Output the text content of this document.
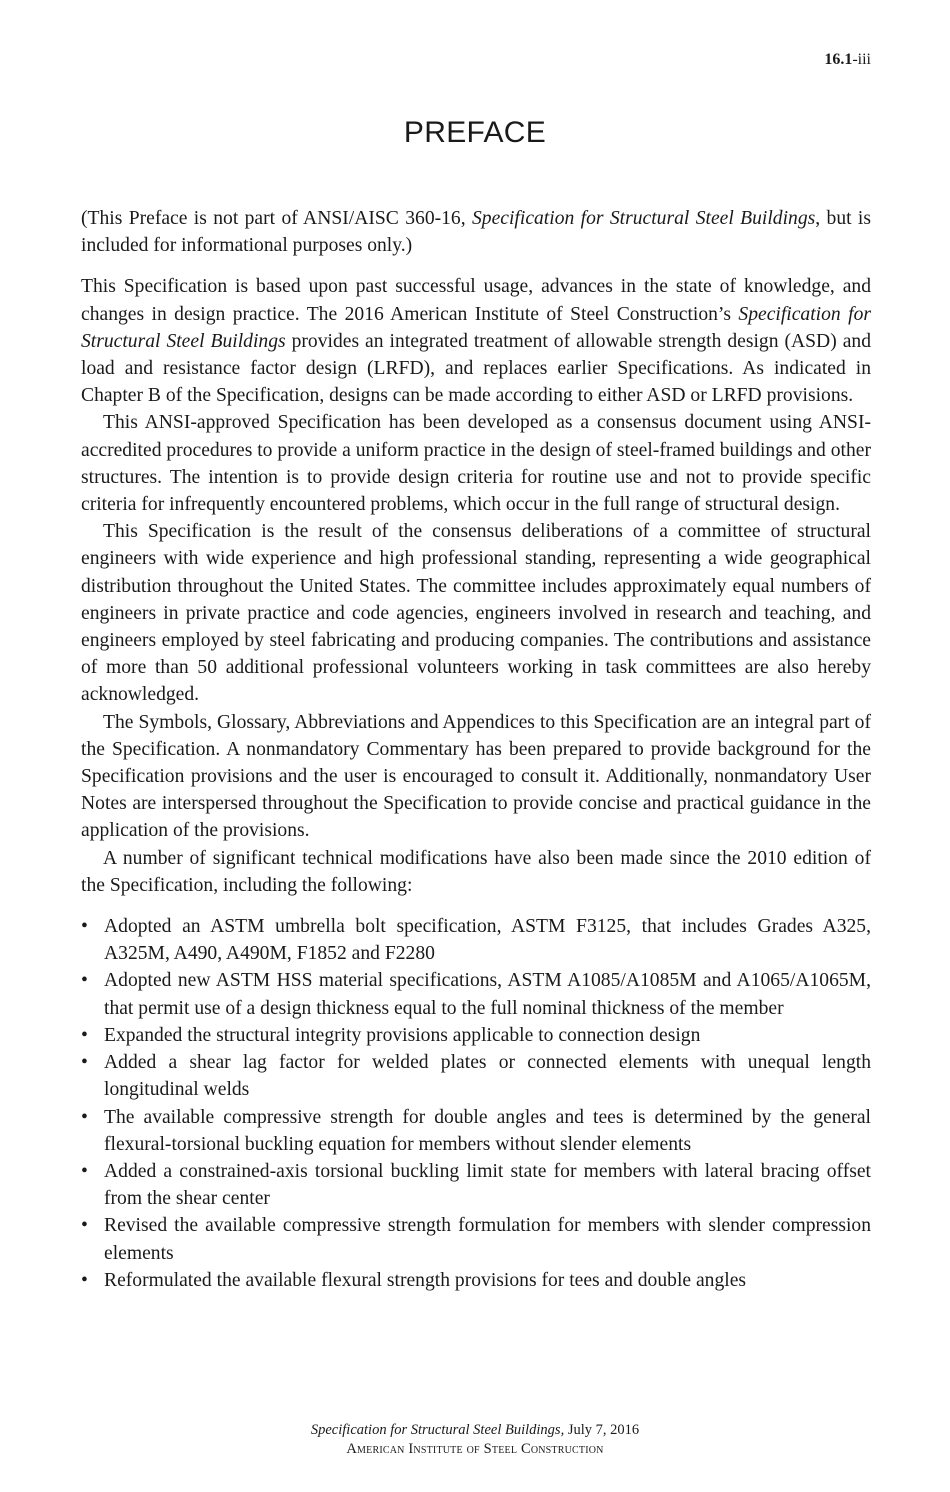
16.1-iii
PREFACE

(This Preface is not part of ANSI/AISC 360-16, Specification for Structural Steel Buildings, but is included for informational purposes only.)

This Specification is based upon past successful usage, advances in the state of knowledge, and changes in design practice. The 2016 American Institute of Steel Construction’s Specification for Structural Steel Buildings provides an integrated treatment of allowable strength design (ASD) and load and resistance factor design (LRFD), and replaces earlier Specifications. As indicated in Chapter B of the Specification, designs can be made according to either ASD or LRFD provisions.

This ANSI-approved Specification has been developed as a consensus document using ANSI-accredited procedures to provide a uniform practice in the design of steel-framed buildings and other structures. The intention is to provide design criteria for routine use and not to provide specific criteria for infrequently encountered problems, which occur in the full range of structural design.

This Specification is the result of the consensus deliberations of a committee of structural engineers with wide experience and high professional standing, representing a wide geographical distribution throughout the United States. The committee includes approximately equal numbers of engineers in private practice and code agencies, engineers involved in research and teaching, and engineers employed by steel fabricating and producing companies. The contributions and assistance of more than 50 additional professional volunteers working in task committees are also hereby acknowledged.

The Symbols, Glossary, Abbreviations and Appendices to this Specification are an integral part of the Specification. A nonmandatory Commentary has been prepared to provide background for the Specification provisions and the user is encouraged to consult it. Additionally, nonmandatory User Notes are interspersed throughout the Specification to provide concise and practical guidance in the application of the provisions.

A number of significant technical modifications have also been made since the 2010 edition of the Specification, including the following:

• Adopted an ASTM umbrella bolt specification, ASTM F3125, that includes Grades A325, A325M, A490, A490M, F1852 and F2280
• Adopted new ASTM HSS material specifications, ASTM A1085/A1085M and A1065/​A1065M, that permit use of a design thickness equal to the full nominal thickness of the member
• Expanded the structural integrity provisions applicable to connection design
• Added a shear lag factor for welded plates or connected elements with unequal length longitudinal welds
• The available compressive strength for double angles and tees is determined by the general flexural-torsional buckling equation for members without slender elements
• Added a constrained-axis torsional buckling limit state for members with lateral bracing offset from the shear center
• Revised the available compressive strength formulation for members with slender compression elements
• Reformulated the available flexural strength provisions for tees and double angles
Specification for Structural Steel Buildings, July 7, 2016
American Institute of Steel Construction
